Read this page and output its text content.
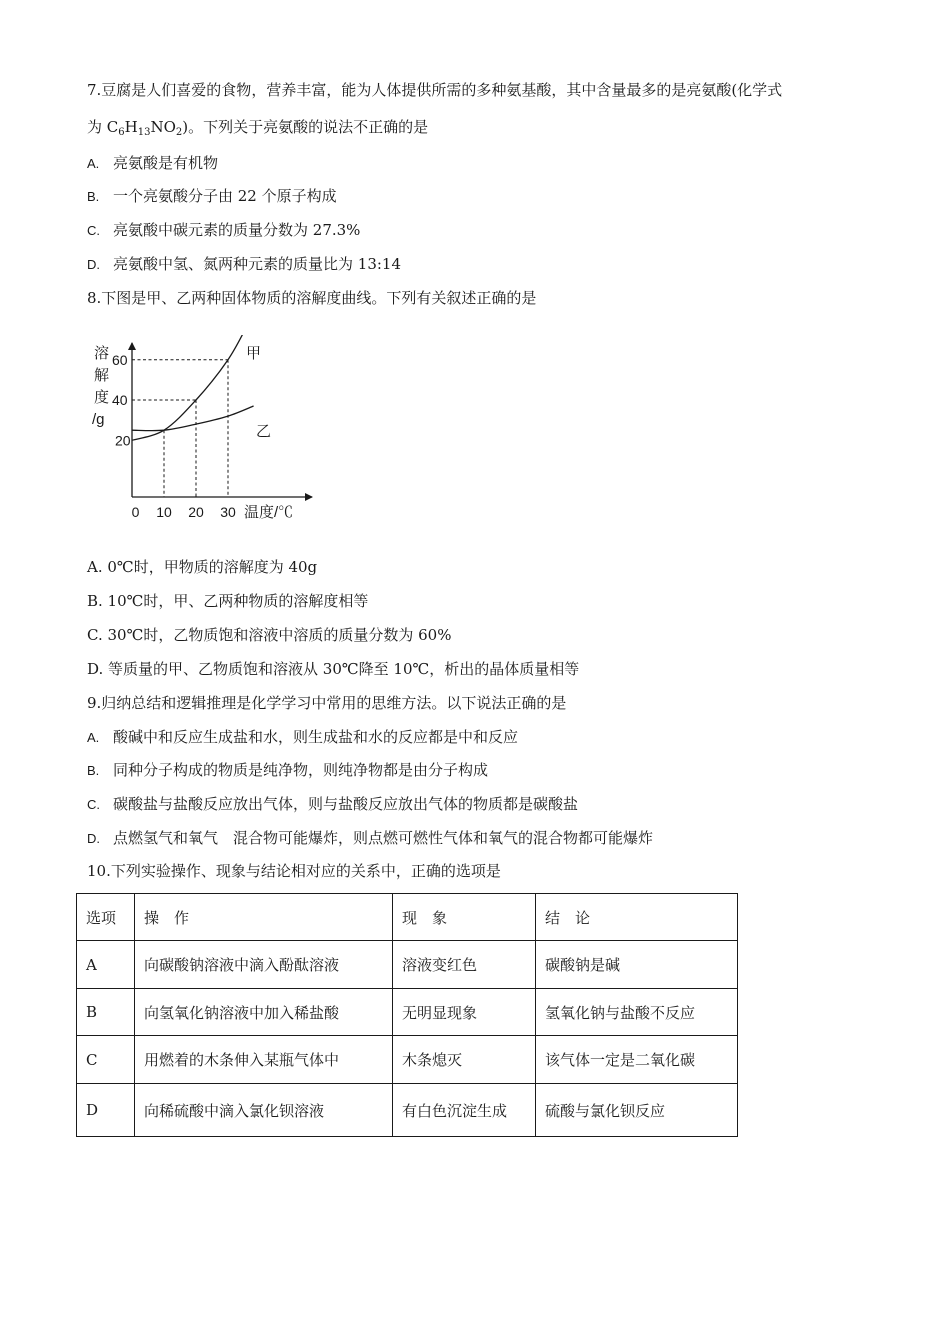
7.豆腐是人们喜爱的食物，营养丰富，能为人体提供所需的多种氨基酸，其中含量最多的是亮氨酸(化学式
为 $C_6H_{13}NO_2$)。下列关于亮氨酸的说法不正确的是
A. 亮氨酸是有机物
B. 一个亮氨酸分子由 22 个原子构成
C. 亮氨酸中碳元素的质量分数为 27.3%
D. 亮氨酸中氢、氮两种元素的质量比为 13:14
8.下图是甲、乙两种固体物质的溶解度曲线。下列有关叙述正确的是
溶
解
度
/g
20
40
60
0 10 20 30 温度/℃
甲
乙
A. 0℃时，甲物质的溶解度为 40g
B. 10℃时，甲、乙两种物质的溶解度相等
C. 30℃时，乙物质饱和溶液中溶质的质量分数为 60%
D. 等质量的甲、乙物质饱和溶液从 30℃降至 10℃，析出的晶体质量相等
9.归纳总结和逻辑推理是化学学习中常用的思维方法。以下说法正确的是
A. 酸碱中和反应生成盐和水，则生成盐和水的反应都是中和反应
B. 同种分子构成的物质是纯净物，则纯净物都是由分子构成
C. 碳酸盐与盐酸反应放出气体，则与盐酸反应放出气体的物质都是碳酸盐
D. 点燃氢气和氧气　混合物可能爆炸，则点燃可燃性气体和氧气的混合物都可能爆炸
10.下列实验操作、现象与结论相对应的关系中，正确的选项是
选项	操　作	现　象	结　论
A	向碳酸钠溶液中滴入酚酞溶液	溶液变红色	碳酸钠是碱
B	向氢氧化钠溶液中加入稀盐酸	无明显现象	氢氧化钠与盐酸不反应
C	用燃着的木条伸入某瓶气体中	木条熄灭	该气体一定是二氧化碳
D	向稀硫酸中滴入氯化钡溶液	有白色沉淀生成	硫酸与氯化钡反应
